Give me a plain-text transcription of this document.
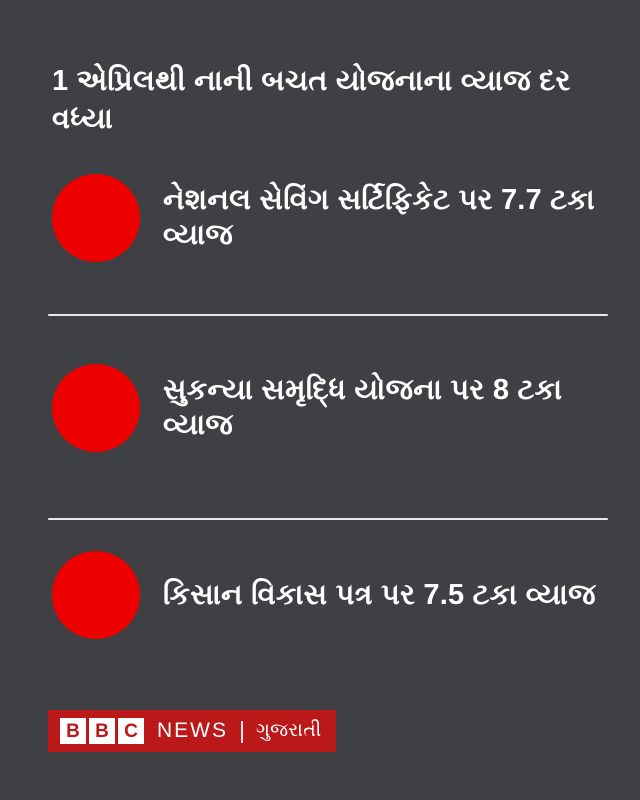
1 એપ્રિલથી નાની બચત યોજનાના વ્યાજ દર વધ્યા
નેશનલ સેવિંગ સર્ટિફિકેટ પર 7.7 ટકા
વ્યાજ
સુકન્યા સમૃદ્ધિ યોજના પર 8 ટકા
વ્યાજ
કિસાન વિકાસ પત્ર પર 7.5 ટકા વ્યાજ
B B C NEWS | ગુજરાતી
